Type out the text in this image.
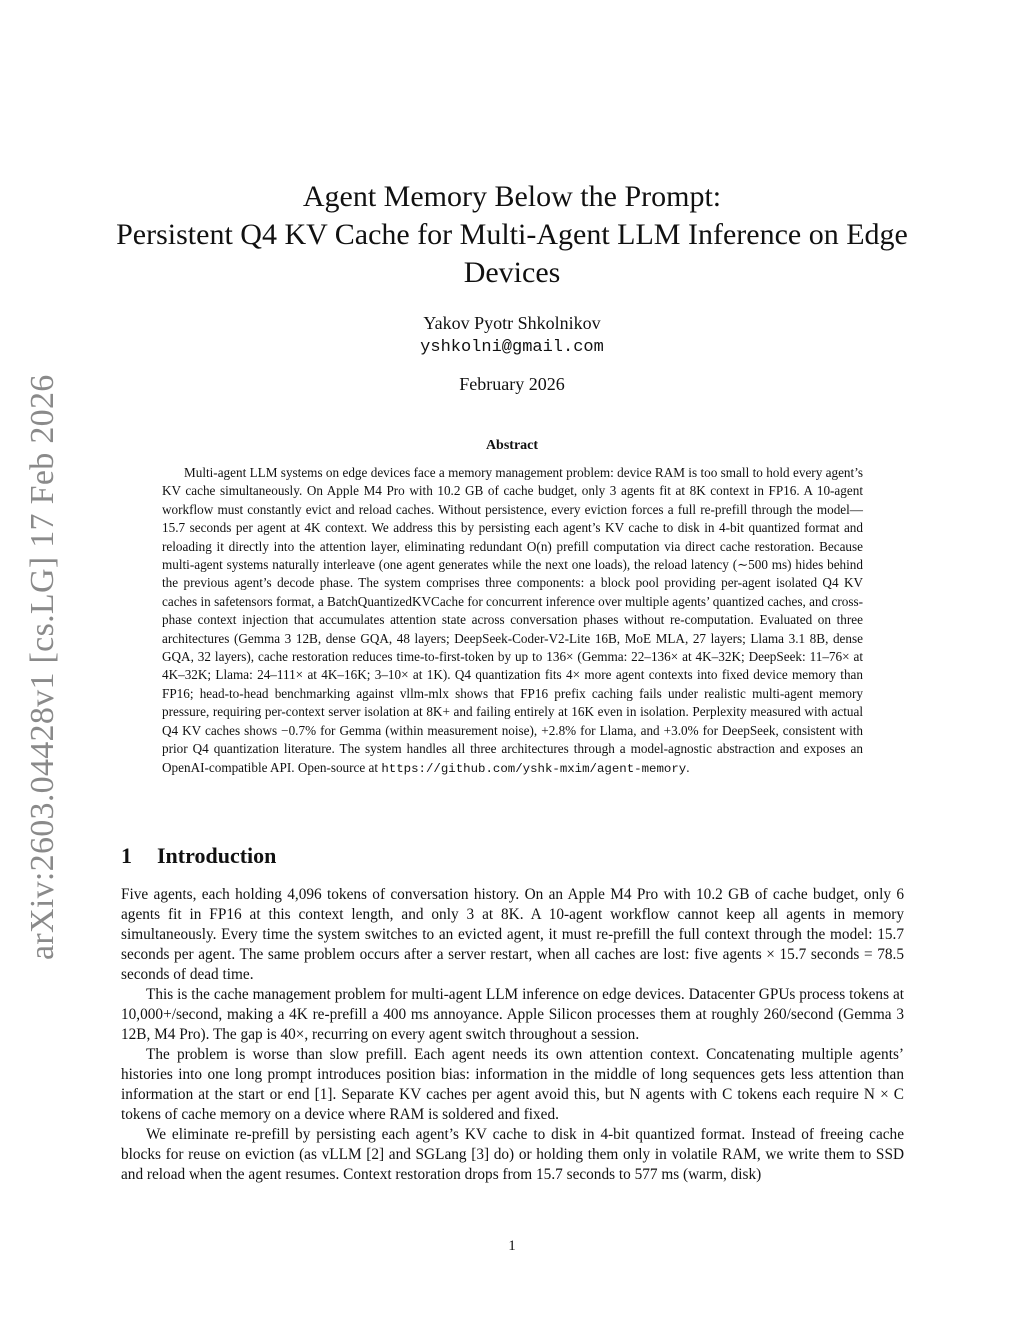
arXiv:2603.04428v1 [cs.LG] 17 Feb 2026
Agent Memory Below the Prompt:
Persistent Q4 KV Cache for Multi-Agent LLM Inference on Edge
Devices
Yakov Pyotr Shkolnikov
yshkolni@gmail.com
February 2026
Abstract

Multi-agent LLM systems on edge devices face a memory management problem: device RAM is too small to hold every agent’s KV cache simultaneously. On Apple M4 Pro with 10.2 GB of cache budget, only 3 agents fit at 8K context in FP16. A 10-agent workflow must constantly evict and reload caches. Without persistence, every eviction forces a full re-prefill through the model—15.7 seconds per agent at 4K context. We address this by persisting each agent’s KV cache to disk in 4-bit quantized format and reloading it directly into the attention layer, eliminating redundant O(n) prefill computation via direct cache restoration. Because multi-agent systems naturally interleave (one agent generates while the next one loads), the reload latency (∼500 ms) hides behind the previous agent’s decode phase. The system comprises three components: a block pool providing per-agent isolated Q4 KV caches in safetensors format, a BatchQuantizedKVCache for concurrent inference over multiple agents’ quantized caches, and cross-phase context injection that accumulates attention state across conversation phases without re-computation. Evaluated on three architectures (Gemma 3 12B, dense GQA, 48 layers; DeepSeek-Coder-V2-Lite 16B, MoE MLA, 27 layers; Llama 3.1 8B, dense GQA, 32 layers), cache restoration reduces time-to-first-token by up to 136× (Gemma: 22–136× at 4K–32K; DeepSeek: 11–76× at 4K–32K; Llama: 24–111× at 4K–16K; 3–10× at 1K). Q4 quantization fits 4× more agent contexts into fixed device memory than FP16; head-to-head benchmarking against vllm-mlx shows that FP16 prefix caching fails under realistic multi-agent memory pressure, requiring per-context server isolation at 8K+ and failing entirely at 16K even in isolation. Perplexity measured with actual Q4 KV caches shows −0.7% for Gemma (within measurement noise), +2.8% for Llama, and +3.0% for DeepSeek, consistent with prior Q4 quantization literature. The system handles all three architectures through a model-agnostic abstraction and exposes an OpenAI-compatible API. Open-source at https://github.com/yshk-mxim/agent-memory.

1 Introduction

Five agents, each holding 4,096 tokens of conversation history. On an Apple M4 Pro with 10.2 GB of cache budget, only 6 agents fit in FP16 at this context length, and only 3 at 8K. A 10-agent workflow cannot keep all agents in memory simultaneously. Every time the system switches to an evicted agent, it must re-prefill the full context through the model: 15.7 seconds per agent. The same problem occurs after a server restart, when all caches are lost: five agents × 15.7 seconds = 78.5 seconds of dead time.

This is the cache management problem for multi-agent LLM inference on edge devices. Datacenter GPUs process tokens at 10,000+/second, making a 4K re-prefill a 400 ms annoyance. Apple Silicon processes them at roughly 260/second (Gemma 3 12B, M4 Pro). The gap is 40×, recurring on every agent switch throughout a session.

The problem is worse than slow prefill. Each agent needs its own attention context. Concatenating multiple agents’ histories into one long prompt introduces position bias: information in the middle of long sequences gets less attention than information at the start or end [1]. Separate KV caches per agent avoid this, but N agents with C tokens each require N × C tokens of cache memory on a device where RAM is soldered and fixed.

We eliminate re-prefill by persisting each agent’s KV cache to disk in 4-bit quantized format. Instead of freeing cache blocks for reuse on eviction (as vLLM [2] and SGLang [3] do) or holding them only in volatile RAM, we write them to SSD and reload when the agent resumes. Context restoration drops from 15.7 seconds to 577 ms (warm, disk)

1
